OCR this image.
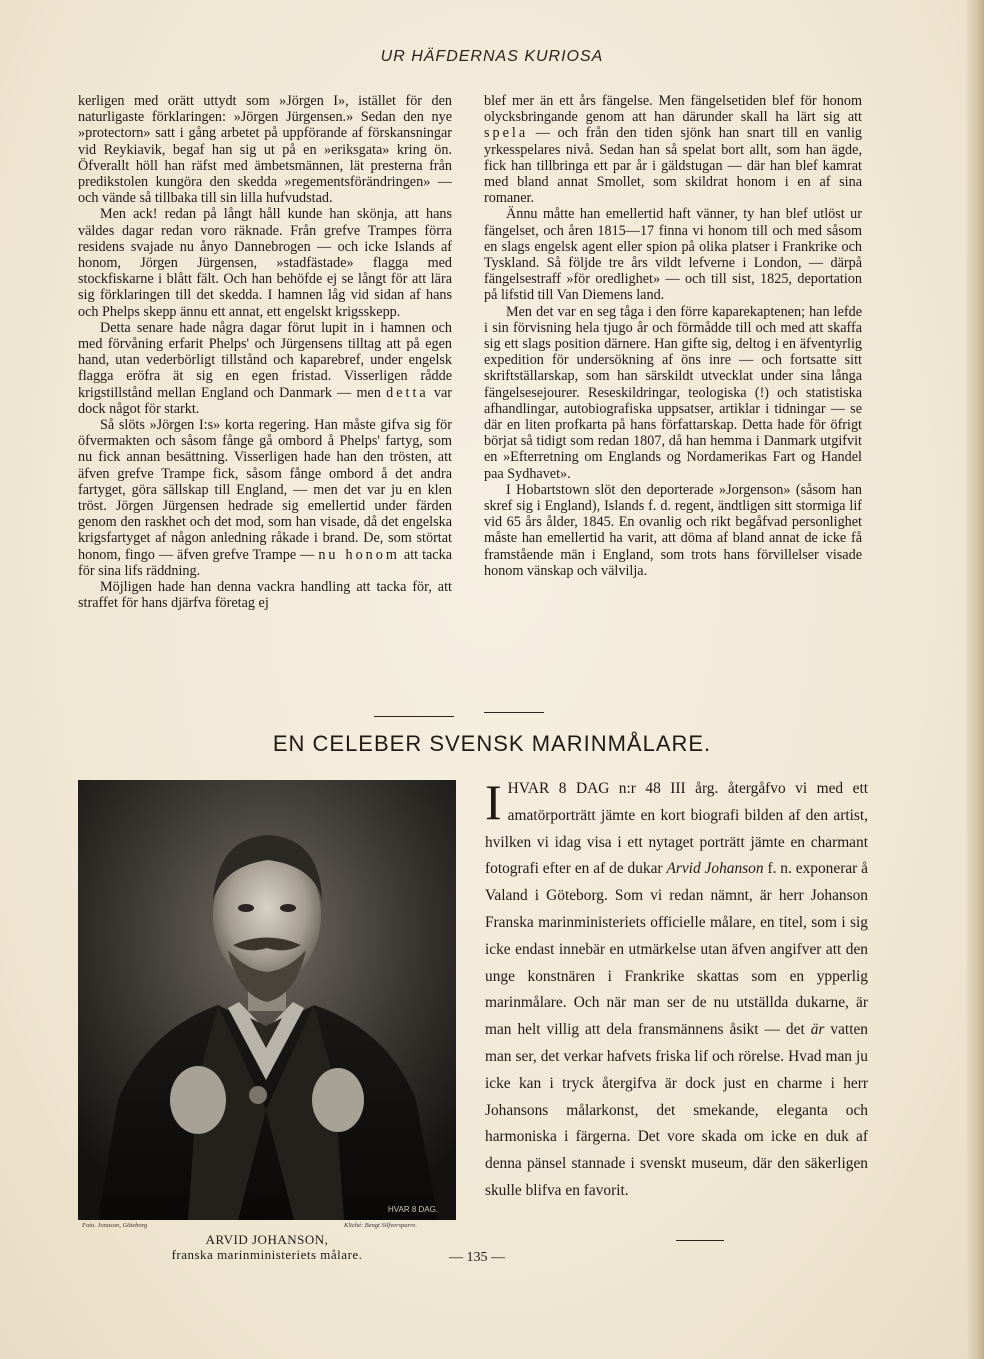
UR HÄFDERNAS KURIOSA

kerligen med orätt uttydt som »Jörgen I», istället för den naturligaste förklaringen: »Jörgen Jürgensen.» Sedan den nye »protectorn» satt i gång arbetet på uppförande af förskansningar vid Reykiavik, begaf han sig ut på en »eriksgata» kring ön. Öfverallt höll han räfst med ämbetsmännen, lät presterna från predikstolen kungöra den skedda »regementsförändringen» — och vände så tillbaka till sin lilla hufvudstad.

Men ack! redan på långt håll kunde han skönja, att hans väldes dagar redan voro räknade. Från grefve Trampes förra residens svajade nu ånyo Dannebrogen — och icke Islands af honom, Jörgen Jürgensen, »stadfästade» flagga med stockfiskarne i blått fält. Och han behöfde ej se långt för att lära sig förklaringen till det skedda. I hamnen låg vid sidan af hans och Phelps skepp ännu ett annat, ett engelskt krigsskepp.

Detta senare hade några dagar förut lupit in i hamnen och med förvåning erfarit Phelps' och Jürgensens tilltag att på egen hand, utan vederbörligt tillstånd och kaparebref, under engelsk flagga eröfra ät sig en egen fristad. Visserligen rådde krigstillstånd mellan England och Danmark — men detta var dock något för starkt.

Så slöts »Jörgen I:s» korta regering. Han måste gifva sig för öfvermakten och såsom fånge gå ombord å Phelps' fartyg, som nu fick annan besättning. Visserligen hade han den trösten, att äfven grefve Trampe fick, såsom fånge ombord å det andra fartyget, göra sällskap till England, — men det var ju en klen tröst. Jörgen Jürgensen hedrade sig emellertid under färden genom den raskhet och det mod, som han visade, då det engelska krigsfartyget af någon anledning råkade i brand. De, som störtat honom, fingo — äfven grefve Trampe — nu honom att tacka för sina lifs räddning.

Möjligen hade han denna vackra handling att tacka för, att straffet för hans djärfva företag ej

blef mer än ett års fängelse. Men fängelsetiden blef för honom olycksbringande genom att han därunder skall ha lärt sig att spela — och från den tiden sjönk han snart till en vanlig yrkesspelares nivå. Sedan han så spelat bort allt, som han ägde, fick han tillbringa ett par år i gäldstugan — där han blef kamrat med bland annat Smollet, som skildrat honom i en af sina romaner.

Ännu måtte han emellertid haft vänner, ty han blef utlöst ur fängelset, och åren 1815—17 finna vi honom till och med såsom en slags engelsk agent eller spion på olika platser i Frankrike och Tyskland. Så följde tre års vildt lefverne i London, — därpå fängelsestraff »för oredlighet» — och till sist, 1825, deportation på lifstid till Van Diemens land.

Men det var en seg tåga i den förre kaparekaptenen; han lefde i sin förvisning hela tjugo år och förmådde till och med att skaffa sig ett slags position därnere. Han gifte sig, deltog i en äfventyrlig expedition för undersökning af öns inre — och fortsatte sitt skriftställarskap, som han särskildt utvecklat under sina långa fängelsesejourer. Reseskildringar, teologiska (!) och statistiska afhandlingar, autobiografiska uppsatser, artiklar i tidningar — se där en liten profkarta på hans författarskap. Detta hade för öfrigt börjat så tidigt som redan 1807, då han hemma i Danmark utgifvit en »Efterretning om Englands og Nordamerikas Fart og Handel paa Sydhavet».

I Hobartstown slöt den deporterade »Jorgenson» (såsom han skref sig i England), Islands f. d. regent, ändtligen sitt stormiga lif vid 65 års ålder, 1845. En ovanlig och rikt begåfvad personlighet måste han emellertid ha varit, att döma af bland annat de icke få framstående män i England, som trots hans förvillelser visade honom vänskap och välvilja.

EN CELEBER SVENSK MARINMÅLARE.
HVAR 8 DAG.
Foto. Jonason, Göteborg	Kliché: Bengt Silfversparre.
ARVID JOHANSON,
franska marinministeriets målare.

IHVAR 8 DAG n:r 48 III årg. återgåfvo vi med ett amatörporträtt jämte en kort biografi bilden af den artist, hvilken vi idag visa i ett nytaget porträtt jämte en charmant fotografi efter en af de dukar Arvid Johanson f. n. exponerar å Valand i Göteborg. Som vi redan nämnt, är herr Johanson Franska marinministeriets officielle målare, en titel, som i sig icke endast innebär en utmärkelse utan äfven angifver att den unge konstnären i Frankrike skattas som en ypperlig marinmålare. Och när man ser de nu utställda dukarne, är man helt villig att dela fransmännens åsikt — det är vatten man ser, det verkar hafvets friska lif och rörelse. Hvad man ju icke kan i tryck återgifva är dock just en charme i herr Johansons målarkonst, det smekande, eleganta och harmoniska i färgerna. Det vore skada om icke en duk af denna pänsel stannade i svenskt museum, där den säkerligen skulle blifva en favorit.

— 135 —
